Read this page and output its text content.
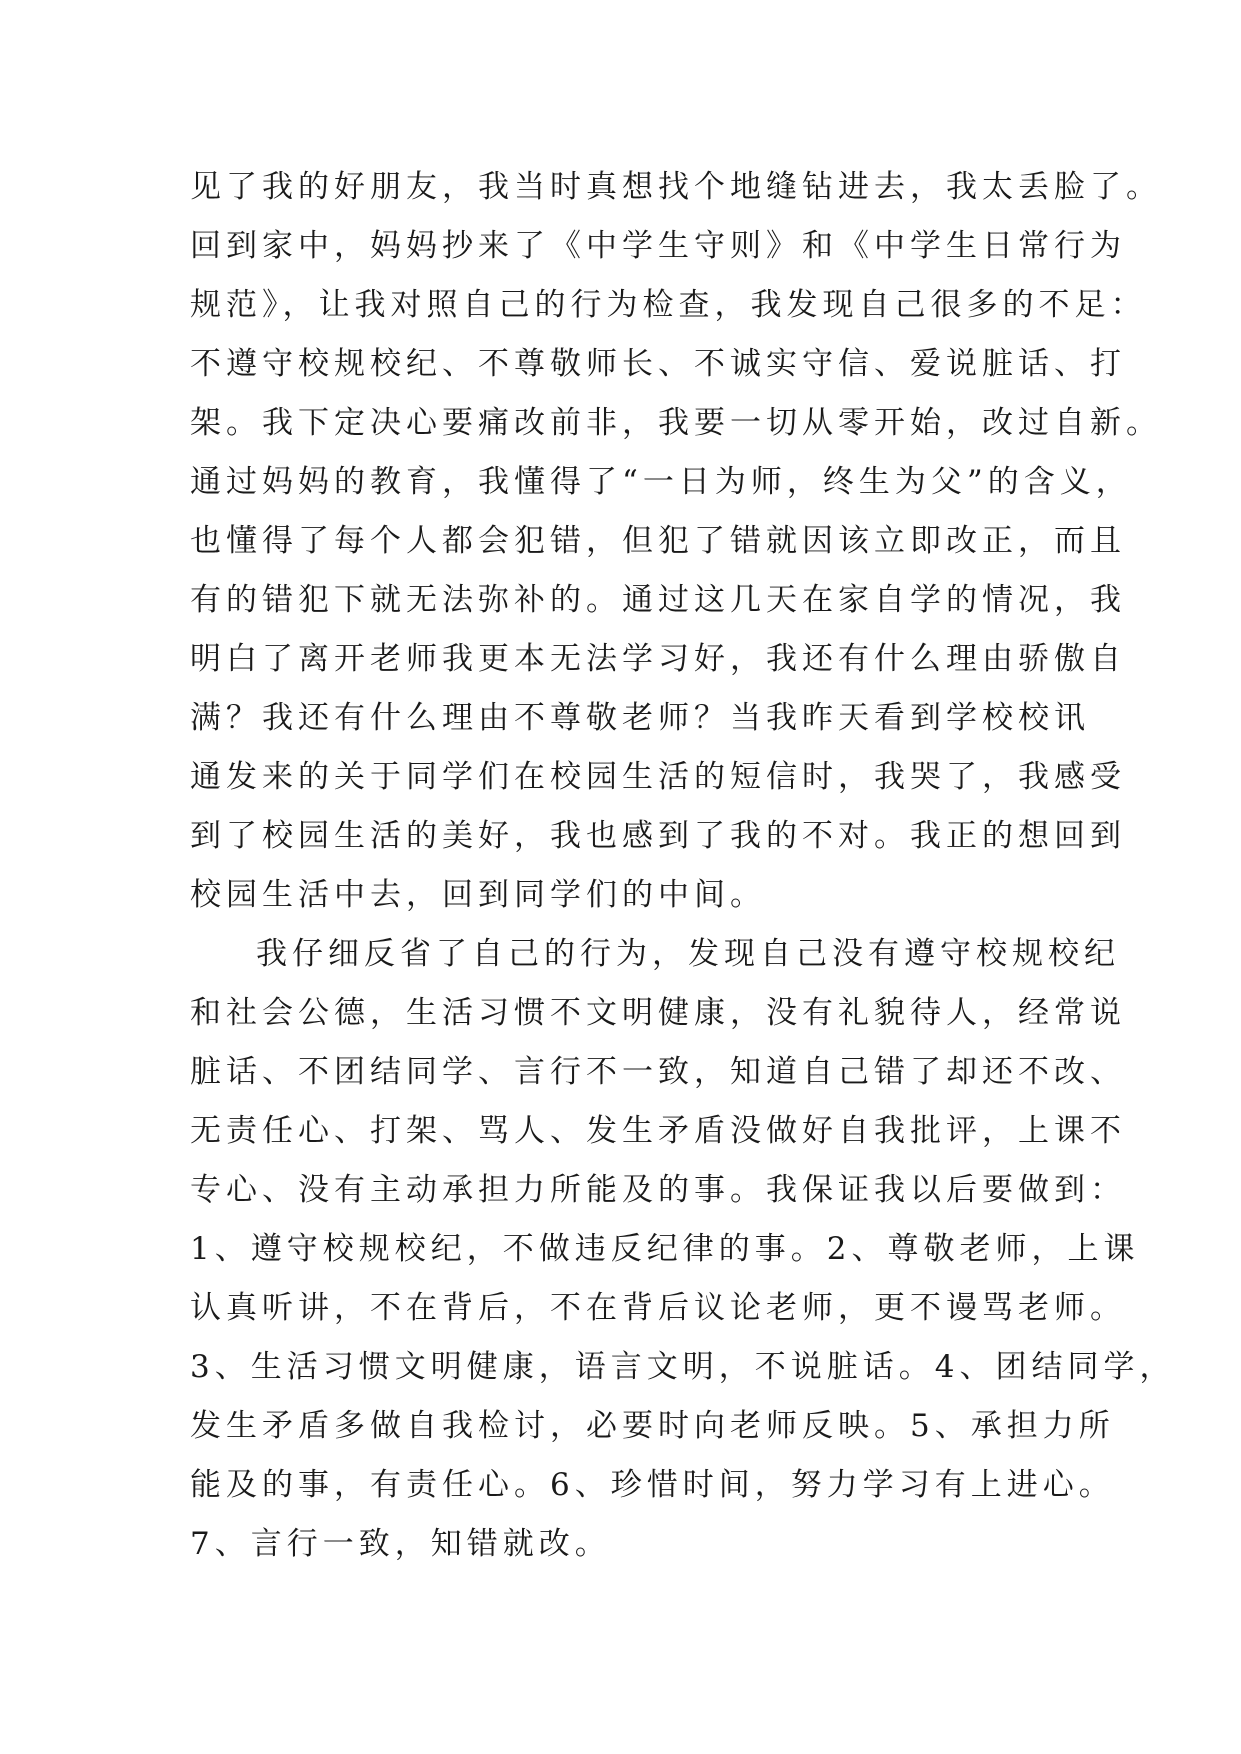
见了我的好朋友，我当时真想找个地缝钻进去，我太丢脸了。
回到家中，妈妈抄来了《中学生守则》和《中学生日常行为
规范》，让我对照自己的行为检查，我发现自己很多的不足：
不遵守校规校纪、不尊敬师长、不诚实守信、爱说脏话、打
架。我下定决心要痛改前非，我要一切从零开始，改过自新。
通过妈妈的教育，我懂得了“一日为师，终生为父”的含义，
也懂得了每个人都会犯错，但犯了错就因该立即改正，而且
有的错犯下就无法弥补的。通过这几天在家自学的情况，我
明白了离开老师我更本无法学习好，我还有什么理由骄傲自
满？我还有什么理由不尊敬老师？当我昨天看到学校校讯
通发来的关于同学们在校园生活的短信时，我哭了，我感受
到了校园生活的美好，我也感到了我的不对。我正的想回到
校园生活中去，回到同学们的中间。
我仔细反省了自己的行为，发现自己没有遵守校规校纪
和社会公德，生活习惯不文明健康，没有礼貌待人，经常说
脏话、不团结同学、言行不一致，知道自己错了却还不改、
无责任心、打架、骂人、发生矛盾没做好自我批评，上课不
专心、没有主动承担力所能及的事。我保证我以后要做到：
1、遵守校规校纪，不做违反纪律的事。2、尊敬老师，上课
认真听讲，不在背后，不在背后议论老师，更不谩骂老师。
3、生活习惯文明健康，语言文明，不说脏话。4、团结同学，
发生矛盾多做自我检讨，必要时向老师反映。5、承担力所
能及的事，有责任心。6、珍惜时间，努力学习有上进心。
7、言行一致，知错就改。
